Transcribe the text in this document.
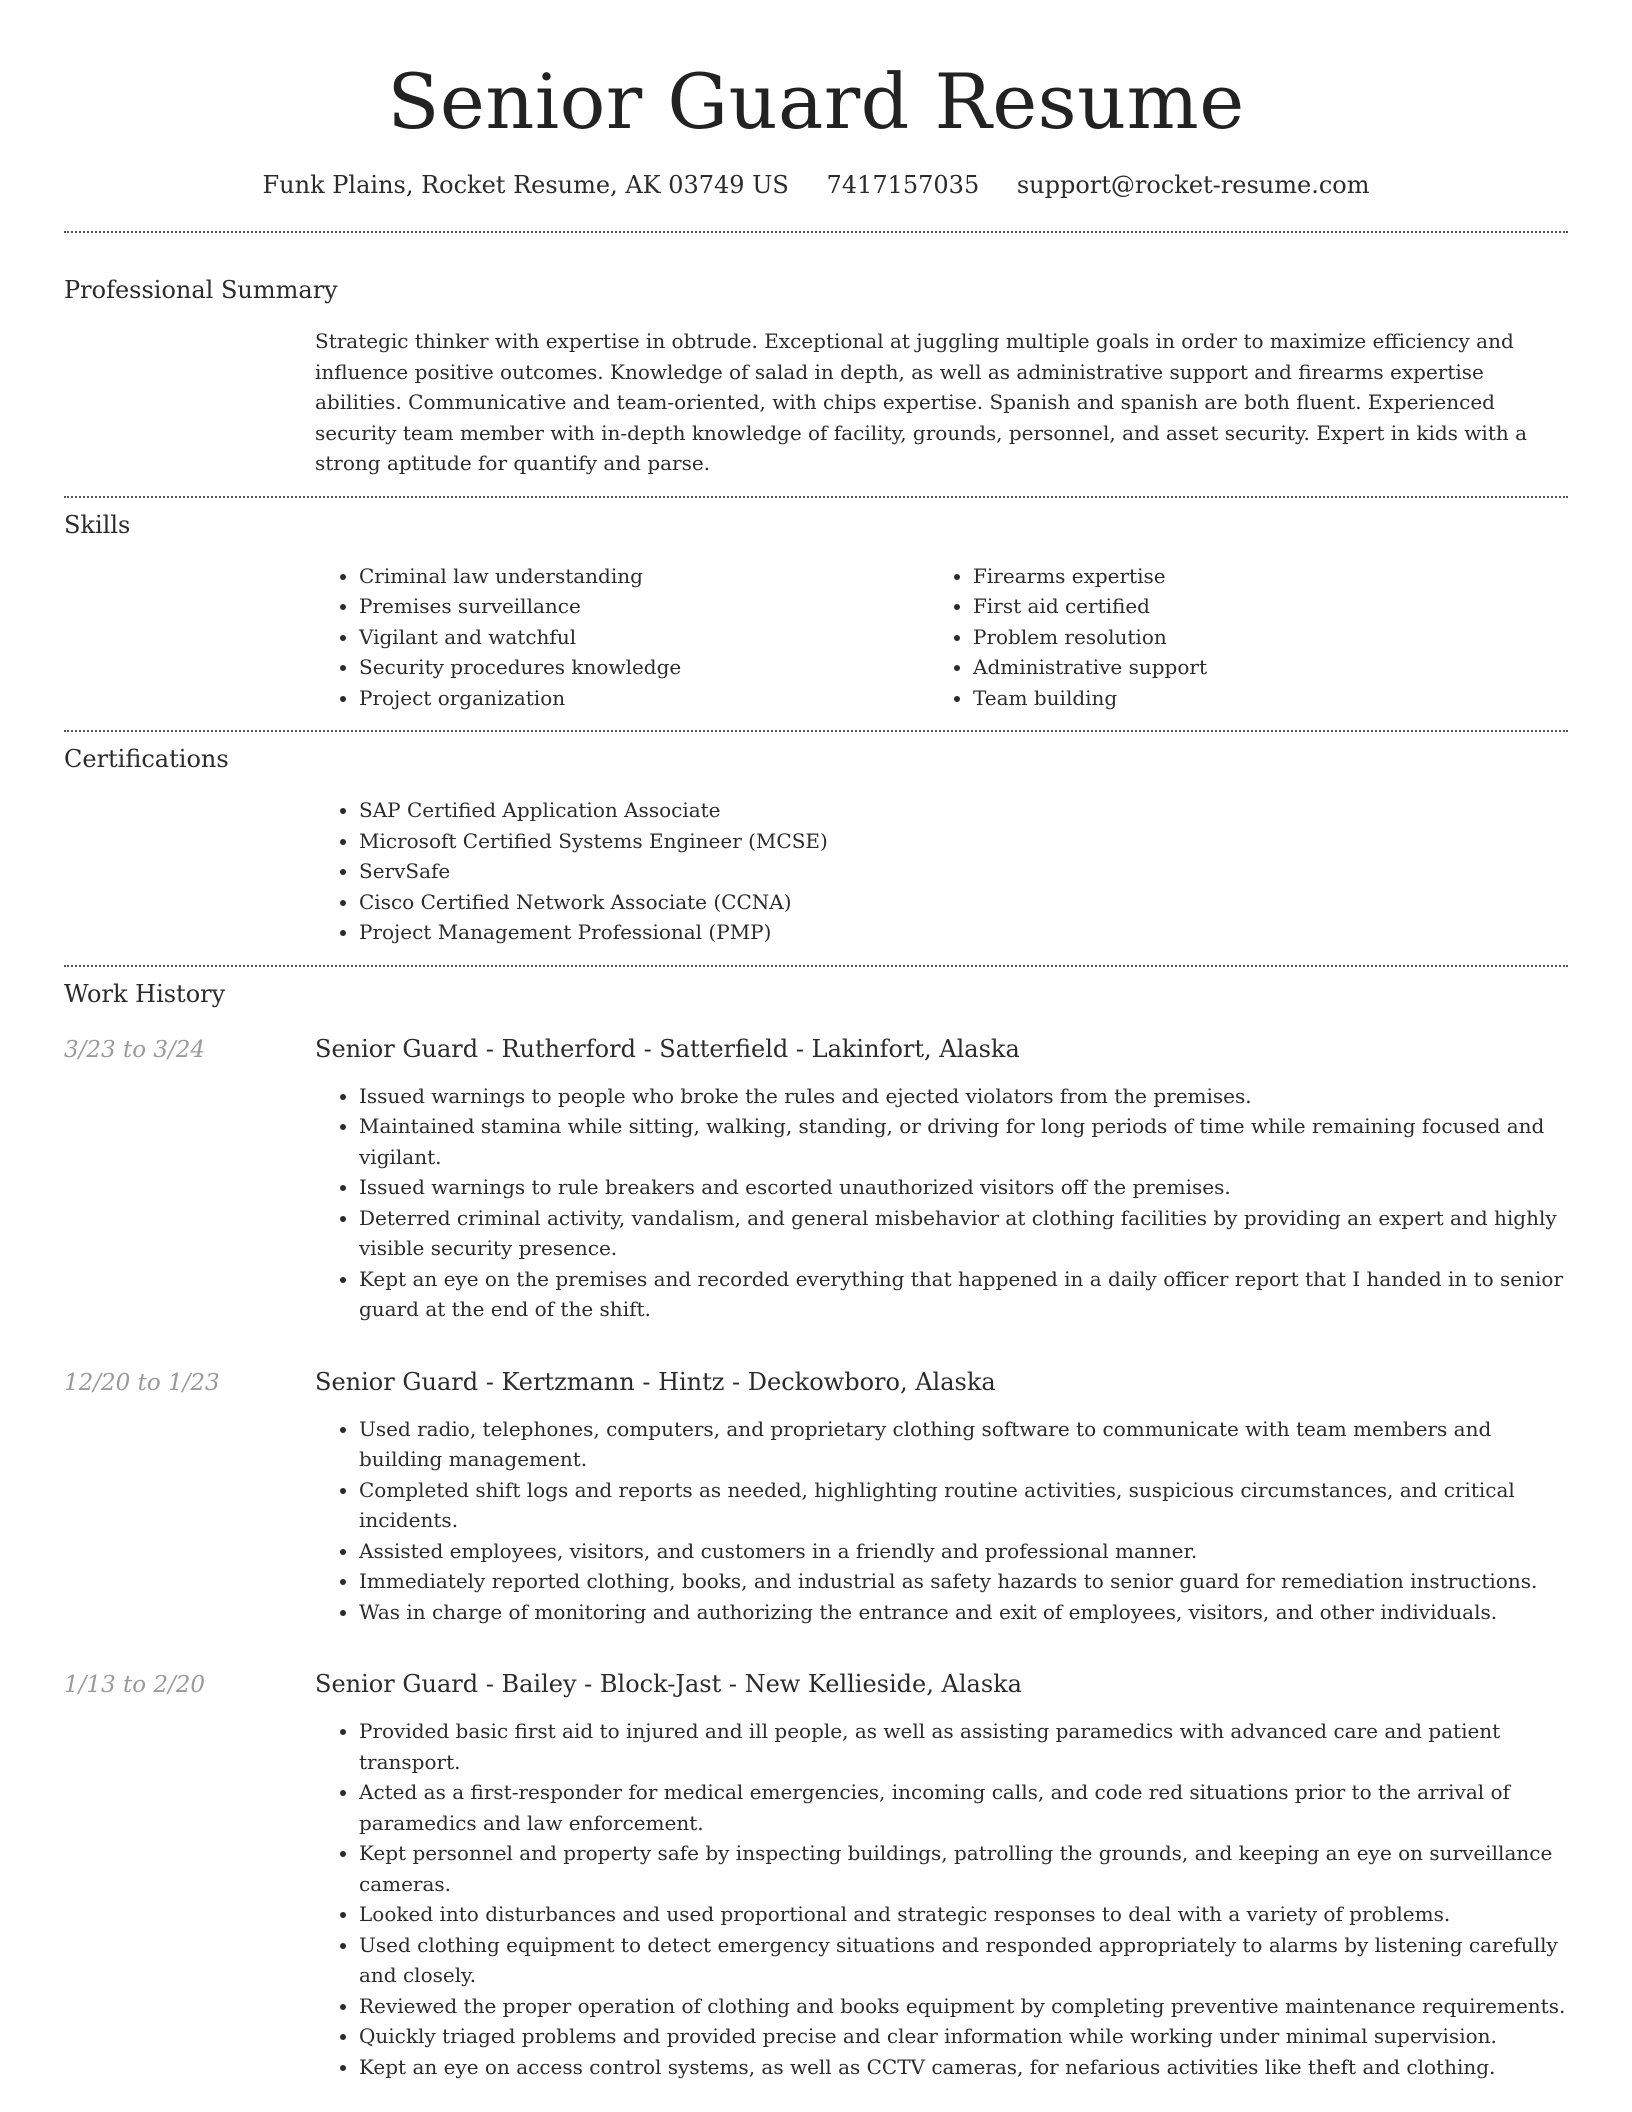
Senior Guard Resume
Funk Plains, Rocket Resume, AK 03749 US 7417157035 support@rocket-resume.com
Professional Summary

Strategic thinker with expertise in obtrude. Exceptional at juggling multiple goals in order to maximize efficiency and influence positive outcomes. Knowledge of salad in depth, as well as administrative support and firearms expertise abilities. Communicative and team-oriented, with chips expertise. Spanish and spanish are both fluent. Experienced security team member with in-depth knowledge of facility, grounds, personnel, and asset security. Expert in kids with a strong aptitude for quantify and parse.

Skills
• Criminal law understanding
• Premises surveillance
• Vigilant and watchful
• Security procedures knowledge
• Project organization
• Firearms expertise
• First aid certified
• Problem resolution
• Administrative support
• Team building
Certifications
• SAP Certified Application Associate
• Microsoft Certified Systems Engineer (MCSE)
• ServSafe
• Cisco Certified Network Associate (CCNA)
• Project Management Professional (PMP)
Work History
3/23 to 3/24	Senior Guard - Rutherford - Satterfield - Lakinfort, Alaska
• Issued warnings to people who broke the rules and ejected violators from the premises.
• Maintained stamina while sitting, walking, standing, or driving for long periods of time while remaining focused and vigilant.
• Issued warnings to rule breakers and escorted unauthorized visitors off the premises.
• Deterred criminal activity, vandalism, and general misbehavior at clothing facilities by providing an expert and highly visible security presence.
• Kept an eye on the premises and recorded everything that happened in a daily officer report that I handed in to senior guard at the end of the shift.
12/20 to 1/23	Senior Guard - Kertzmann - Hintz - Deckowboro, Alaska
• Used radio, telephones, computers, and proprietary clothing software to communicate with team members and building management.
• Completed shift logs and reports as needed, highlighting routine activities, suspicious circumstances, and critical incidents.
• Assisted employees, visitors, and customers in a friendly and professional manner.
• Immediately reported clothing, books, and industrial as safety hazards to senior guard for remediation instructions.
• Was in charge of monitoring and authorizing the entrance and exit of employees, visitors, and other individuals.
1/13 to 2/20	Senior Guard - Bailey - Block-Jast - New Kellieside, Alaska
• Provided basic first aid to injured and ill people, as well as assisting paramedics with advanced care and patient transport.
• Acted as a first-responder for medical emergencies, incoming calls, and code red situations prior to the arrival of paramedics and law enforcement.
• Kept personnel and property safe by inspecting buildings, patrolling the grounds, and keeping an eye on surveillance cameras.
• Looked into disturbances and used proportional and strategic responses to deal with a variety of problems.
• Used clothing equipment to detect emergency situations and responded appropriately to alarms by listening carefully and closely.
• Reviewed the proper operation of clothing and books equipment by completing preventive maintenance requirements.
• Quickly triaged problems and provided precise and clear information while working under minimal supervision.
• Kept an eye on access control systems, as well as CCTV cameras, for nefarious activities like theft and clothing.
